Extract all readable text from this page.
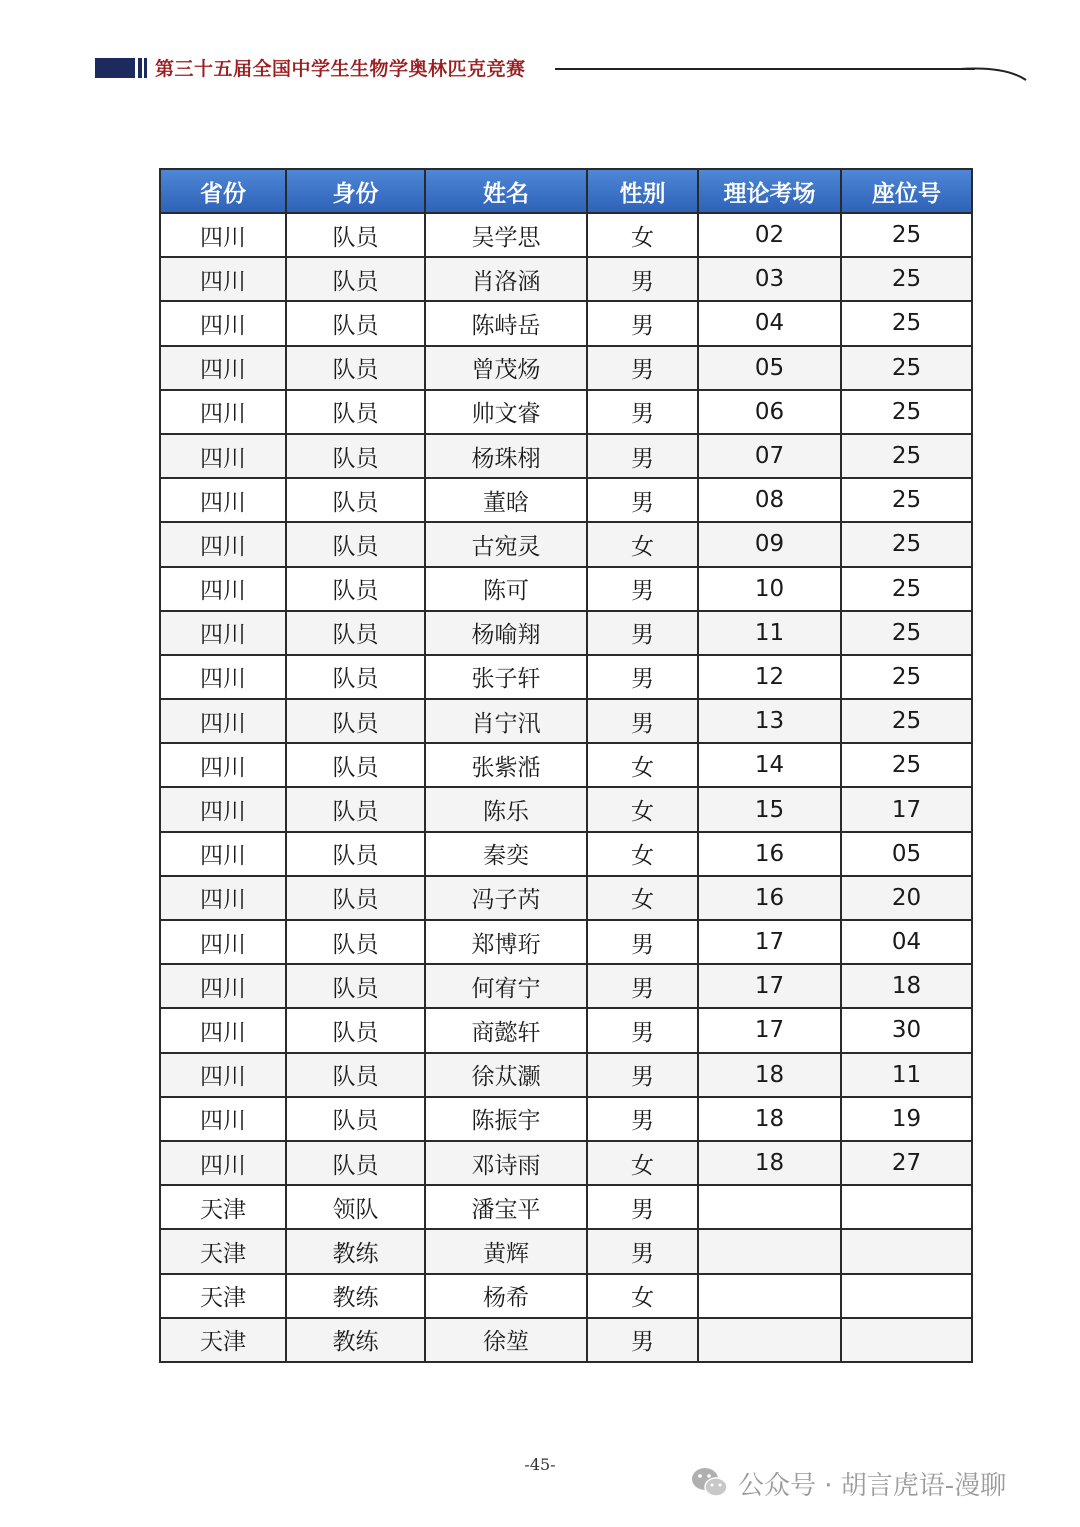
第三十五届全国中学生生物学奥林匹克竞赛
省份	身份	姓名	性别	理论考场	座位号
四川	队员	吴学思	女	02	25
四川	队员	肖洛涵	男	03	25
四川	队员	陈峙岳	男	04	25
四川	队员	曾茂炀	男	05	25
四川	队员	帅文睿	男	06	25
四川	队员	杨珠栩	男	07	25
四川	队员	董晗	男	08	25
四川	队员	古宛灵	女	09	25
四川	队员	陈可	男	10	25
四川	队员	杨喻翔	男	11	25
四川	队员	张子轩	男	12	25
四川	队员	肖宁汛	男	13	25
四川	队员	张紫湉	女	14	25
四川	队员	陈乐	女	15	17
四川	队员	秦奕	女	16	05
四川	队员	冯子芮	女	16	20
四川	队员	郑博珩	男	17	04
四川	队员	何宥宁	男	17	18
四川	队员	商懿轩	男	17	30
四川	队员	徐苁灏	男	18	11
四川	队员	陈振宇	男	18	19
四川	队员	邓诗雨	女	18	27
天津	领队	潘宝平	男		
天津	教练	黄辉	男		
天津	教练	杨希	女		
天津	教练	徐堃	男		
-45-
公众号 · 胡言虎语-漫聊
